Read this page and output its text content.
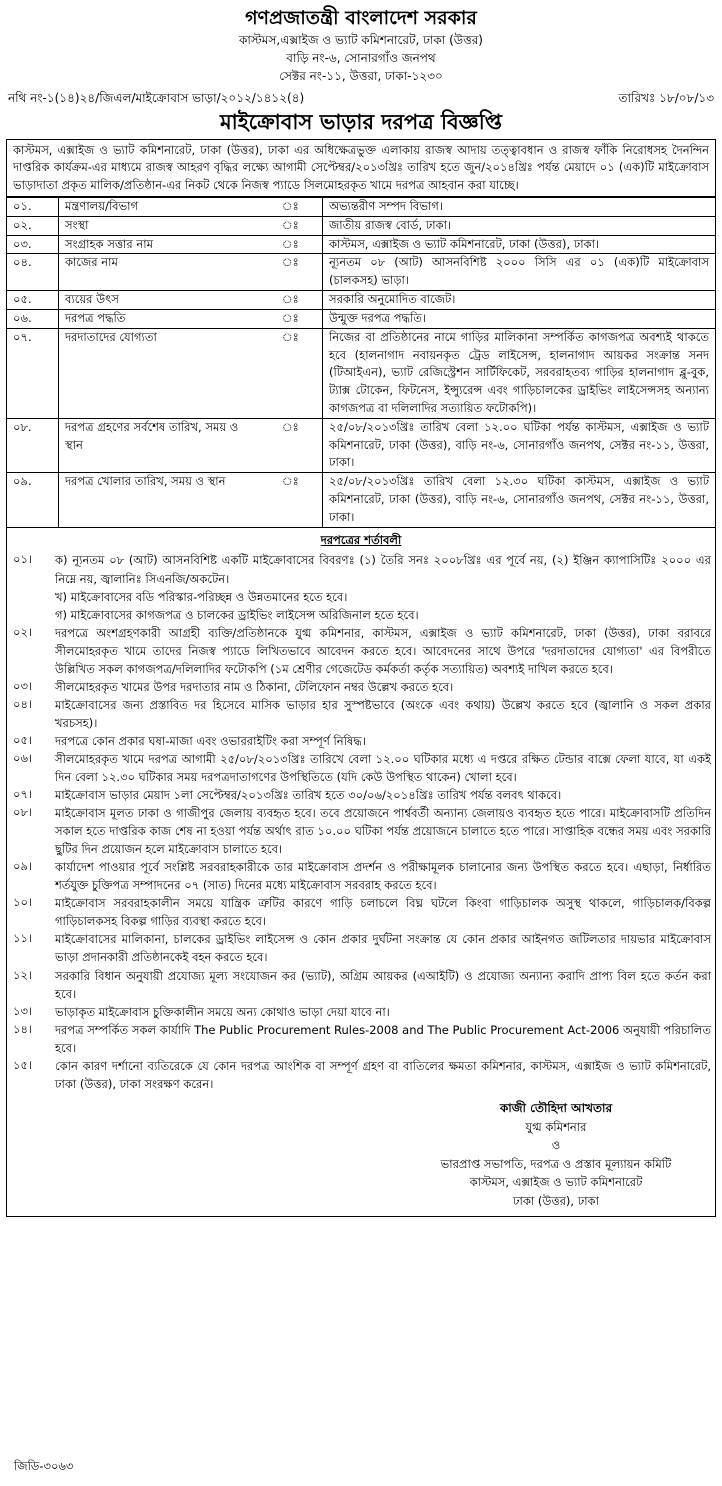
গণপ্রজাতন্ত্রী বাংলাদেশ সরকার
কাস্টমস,এক্সাইজ ও ভ্যাট কমিশনারেট, ঢাকা (উত্তর)
বাড়ি নং-৬, সোনারগাঁও জনপথ
সেক্টর নং-১১, উত্তরা, ঢাকা-১২৩০
নথি নং-১(১৪)২৪/জিএল/মাইক্রোবাস ভাড়া/২০১২/১৪১২(৪)	তারিখঃ ১৮/০৮/১৩
মাইক্রোবাস ভাড়ার দরপত্র বিজ্ঞপ্তি
কাস্টমস, এক্সাইজ ও ভ্যাট কমিশনারেট, ঢাকা (উত্তর), ঢাকা এর অধিক্ষেত্রভুক্ত এলাকায় রাজস্ব আদায় তত্ত্বাবধান ও রাজস্ব ফাঁকি নিরোধসহ দৈনন্দিন দাপ্তরিক কার্যক্রম-এর মাধ্যমে রাজস্ব আহরণ বৃদ্ধির লক্ষ্যে আগামী সেপ্টেম্বর/২০১৩খ্রিঃ তারিখ হতে জুন/২০১৪খ্রিঃ পর্যন্ত মেয়াদে ০১ (এক)টি মাইক্রোবাস ভাড়াদাতা প্রকৃত মালিক/প্রতিষ্ঠান-এর নিকট থেকে নিজস্ব প্যাডে সিলমোহরকৃত খামে দরপত্র আহবান করা যাচ্ছে।
০১.	মন্ত্রণালয়/বিভাগ	ঃ	অভ্যন্তরীণ সম্পদ বিভাগ।
০২.	সংস্থা	ঃ	জাতীয় রাজস্ব বোর্ড, ঢাকা।
০৩.	সংগ্রাহক সত্তার নাম	ঃ	কাস্টমস, এক্সাইজ ও ভ্যাট কমিশনারেট, ঢাকা (উত্তর), ঢাকা।
০৪.	কাজের নাম	ঃ	ন্যূনতম ০৮ (আট) আসনবিশিষ্ট ২০০০ সিসি এর ০১ (এক)টি মাইক্রোবাস (চালকসহ) ভাড়া।
০৫.	ব্যয়ের উৎস	ঃ	সরকারি অনুমোদিত বাজেট।
০৬.	দরপত্র পদ্ধতি	ঃ	উন্মুক্ত দরপত্র পদ্ধতি।
০৭.	দরদাতাদের যোগ্যতা	ঃ	নিজের বা প্রতিষ্ঠানের নামে গাড়ির মালিকানা সম্পর্কিত কাগজপত্র অবশ্যই থাকতে হবে (হালনাগাদ নবায়নকৃত ট্রেড লাইসেন্স, হালনাগাদ আয়কর সংক্রান্ত সনদ (টিআইএন), ভ্যাট রেজিস্ট্রেশন সার্টিফিকেট, সরবরাহতব্য গাড়ির হালনাগাদ ব্লু-বুক, ট্যাক্স টোকেন, ফিটনেস, ইন্স্যুরেন্স এবং গাড়িচালকের ড্রাইভিং লাইসেন্সসহ অন্যান্য কাগজপত্র বা দলিলাদির সত্যায়িত ফটোকপি)।
০৮.	দরপত্র গ্রহণের সর্বশেষ তারিখ, সময় ও স্থান	ঃ	২৫/০৮/২০১৩খ্রিঃ তারিখ বেলা ১২.০০ ঘটিকা পর্যন্ত কাস্টমস, এক্সাইজ ও ভ্যাট কমিশনারেট, ঢাকা (উত্তর), বাড়ি নং-৬, সোনারগাঁও জনপথ, সেক্টর নং-১১, উত্তরা, ঢাকা।
০৯.	দরপত্র খোলার তারিখ, সময় ও স্থান	ঃ	২৫/০৮/২০১৩খ্রিঃ তারিখ বেলা ১২.৩০ ঘটিকা কাস্টমস, এক্সাইজ ও ভ্যাট কমিশনারেট, ঢাকা (উত্তর), বাড়ি নং-৬, সোনারগাঁও জনপথ, সেক্টর নং-১১, উত্তরা, ঢাকা।
দরপত্রের শর্তাবলী
০১।	ক) ন্যূনতম ০৮ (আট) আসনবিশিষ্ট একটি মাইক্রোবাসের বিবরণঃ (১) তৈরি সনঃ ২০০৮খ্রিঃ এর পূর্বে নয়, (২) ইঞ্জিন ক্যাপাসিটিঃ ২০০০ এর নিম্নে নয়, জ্বালানিঃ সিএনজি/অকটেন।
খ) মাইক্রোবাসের বডি পরিস্কার-পরিচ্ছন্ন ও উন্নতমানের হতে হবে।
গ) মাইক্রোবাসের কাগজপত্র ও চালকের ড্রাইভিং লাইসেন্স অরিজিনাল হতে হবে।
০২।	দরপত্রে অংশগ্রহণকারী আগ্রহী ব্যক্তি/প্রতিষ্ঠানকে যুগ্ম কমিশনার, কাস্টমস, এক্সাইজ ও ভ্যাট কমিশনারেট, ঢাকা (উত্তর), ঢাকা বরাবরে সীলমোহরকৃত খামে তাদের নিজস্ব প্যাডে লিখিতভাবে আবেদন করতে হবে। আবেদনের সাথে উপরে 'দরদাতাদের যোগ্যতা' এর বিপরীতে উল্লিখিত সকল কাগজপত্র/দলিলাদির ফটোকপি (১ম শ্রেণীর গেজেটেড কর্মকর্তা কর্তৃক সত্যায়িত) অবশ্যই দাখিল করতে হবে।
০৩।	সীলমোহরকৃত খামের উপর দরদাতার নাম ও ঠিকানা, টেলিফোন নম্বর উল্লেখ করতে হবে।
০৪।	মাইক্রোবাসের জন্য প্রস্তাবিত দর হিসেবে মাসিক ভাড়ার হার সুস্পষ্টভাবে (অংকে এবং কথায়) উল্লেখ করতে হবে (জ্বালানি ও সকল প্রকার খরচসহ)।
০৫।	দরপত্রে কোন প্রকার ঘষা-মাজা এবং ওভাররাইটিং করা সম্পূর্ণ নিষিদ্ধ।
০৬।	সীলমোহরকৃত খামে দরপত্র আগামী ২৫/০৮/২০১৩খ্রিঃ তারিখে বেলা ১২.০০ ঘটিকার মধ্যে এ দপ্তরে রক্ষিত টেন্ডার বাক্সে ফেলা যাবে, যা একই দিন বেলা ১২.৩০ ঘটিকার সময় দরপত্রদাতাগণের উপস্থিতিতে (যদি কেউ উপস্থিত থাকেন) খোলা হবে।
০৭।	মাইক্রোবাস ভাড়ার মেয়াদ ১লা সেপ্টেম্বর/২০১৩খ্রিঃ তারিখ হতে ৩০/০৬/২০১৪খ্রিঃ তারিখ পর্যন্ত বলবৎ থাকবে।
০৮।	মাইক্রোবাস মূলত ঢাকা ও গাজীপুর জেলায় ব্যবহৃত হবে। তবে প্রয়োজনে পার্শ্ববর্তী অন্যান্য জেলায়ও ব্যবহৃত হতে পারে। মাইক্রোবাসটি প্রতিদিন সকাল হতে দাপ্তরিক কাজ শেষ না হওয়া পর্যন্ত অর্থাৎ রাত ১০.০০ ঘটিকা পর্যন্ত প্রয়োজনে চালাতে হতে পারে। সাপ্তাহিক বন্ধের সময় এবং সরকারি ছুটির দিন প্রয়োজন হলে মাইক্রোবাস চালাতে হবে।
০৯।	কার্যাদেশ পাওয়ার পূর্বে সংশ্লিষ্ট সরবরাহকারীকে তার মাইক্রোবাস প্রদর্শন ও পরীক্ষামূলক চালানোর জন্য উপস্থিত করতে হবে। এছাড়া, নির্ধারিত শর্তযুক্ত চুক্তিপত্র সম্পাদনের ০৭ (সাত) দিনের মধ্যে মাইক্রোবাস সরবরাহ করতে হবে।
১০।	মাইক্রোবাস সরবরাহকালীন সময়ে যান্ত্রিক ত্রুটির কারণে গাড়ি চলাচলে বিঘ্ন ঘটলে কিংবা গাড়িচালক অসুস্থ থাকলে, গাড়িচালক/বিকল্প গাড়িচালকসহ বিকল্প গাড়ির ব্যবস্থা করতে হবে।
১১।	মাইক্রোবাসের মালিকানা, চালকের ড্রাইভিং লাইসেন্স ও কোন প্রকার দুর্ঘটনা সংক্রান্ত যে কোন প্রকার আইনগত জটিলতার দায়ভার মাইক্রোবাস ভাড়া প্রদানকারী প্রতিষ্ঠানকেই বহন করতে হবে।
১২।	সরকারি বিধান অনুযায়ী প্রযোজ্য মূল্য সংযোজন কর (ভ্যাট), অগ্রিম আয়কর (এআইটি) ও প্রযোজ্য অন্যান্য করাদি প্রাপ্য বিল হতে কর্তন করা হবে।
১৩।	ভাড়াকৃত মাইক্রোবাস চুক্তিকালীন সময়ে অন্য কোথাও ভাড়া দেয়া যাবে না।
১৪।	দরপত্র সম্পর্কিত সকল কার্যাদি The Public Procurement Rules-2008 and The Public Procurement Act-2006 অনুযায়ী পরিচালিত হবে।
১৫।	কোন কারণ দর্শানো ব্যতিরেকে যে কোন দরপত্র আংশিক বা সম্পূর্ণ গ্রহণ বা বাতিলের ক্ষমতা কমিশনার, কাস্টমস, এক্সাইজ ও ভ্যাট কমিশনারেট, ঢাকা (উত্তর), ঢাকা সংরক্ষণ করেন।
কাজী তৌহিদা আখতার
যুগ্ম কমিশনার
ও
ভারপ্রাপ্ত সভাপতি, দরপত্র ও প্রস্তাব মূল্যায়ন কমিটি
কাস্টমস, এক্সাইজ ও ভ্যাট কমিশনারেট
ঢাকা (উত্তর), ঢাকা
জিডি-৩০৬৩
